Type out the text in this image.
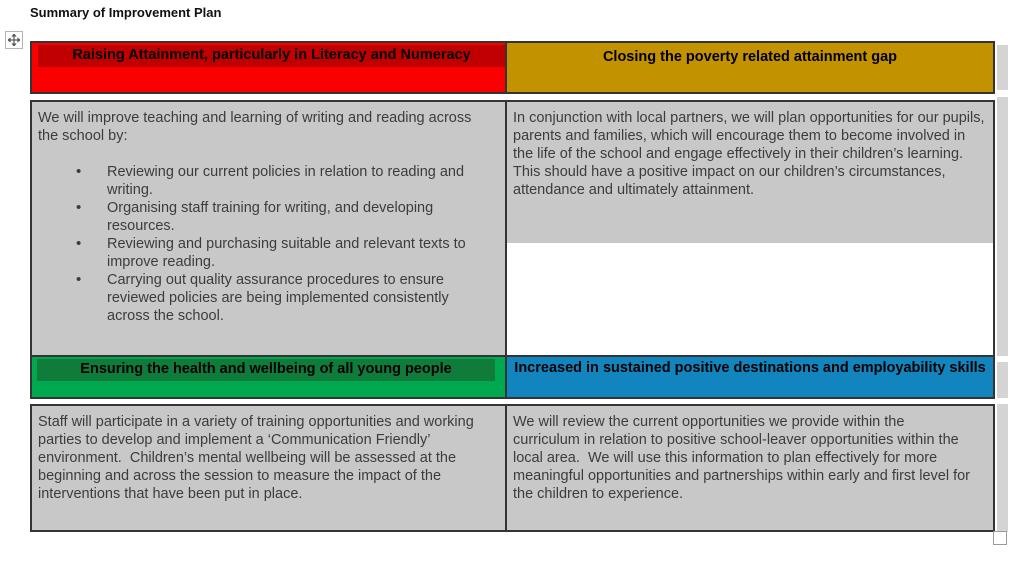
Summary of Improvement Plan
Raising Attainment, particularly in Literacy and Numeracy	Closing the poverty related attainment gap

We will improve teaching and learning of writing and reading across the school by:

• Reviewing our current policies in relation to reading and writing.
• Organising staff training for writing, and developing resources.
• Reviewing and purchasing suitable and relevant texts to improve reading.
• Carrying out quality assurance procedures to ensure reviewed policies are being implemented consistently across the school.

In conjunction with local partners, we will plan opportunities for our pupils, parents and families, which will encourage them to become involved in the life of the school and engage effectively in their children’s learning.  This should have a positive impact on our children’s circumstances, attendance and ultimately attainment.

Ensuring the health and wellbeing of all young people	Increased in sustained positive destinations and employability skills

Staff will participate in a variety of training opportunities and working parties to develop and implement a ‘Communication Friendly’ environment.  Children’s mental wellbeing will be assessed at the beginning and across the session to measure the impact of the interventions that have been put in place.

We will review the current opportunities we provide within the curriculum in relation to positive school-leaver opportunities within the local area.  We will use this information to plan effectively for more meaningful opportunities and partnerships within early and first level for the children to experience.
